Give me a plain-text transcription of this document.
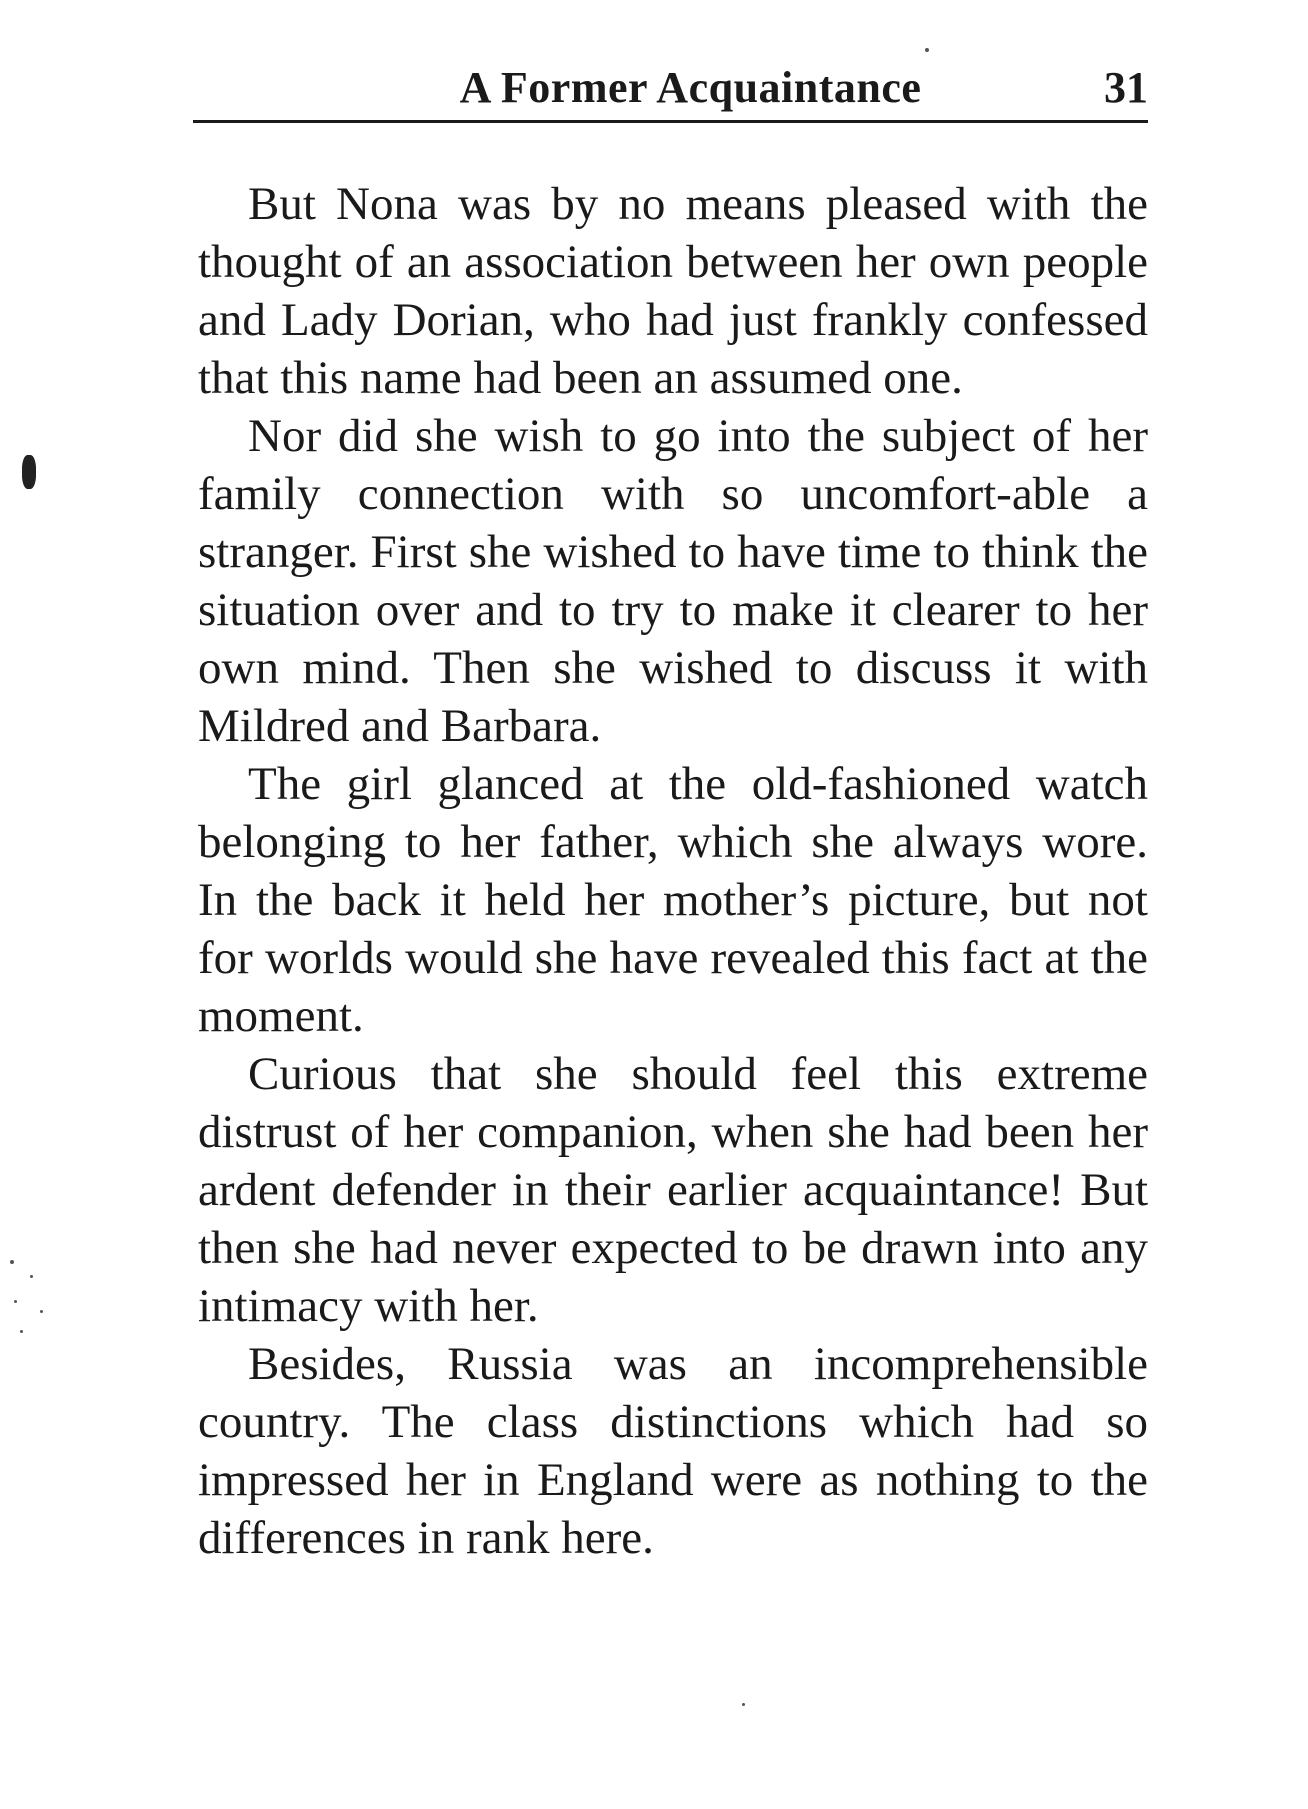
A Former Acquaintance	31

But Nona was by no means pleased with the thought of an association between her own people and Lady Dorian, who had just frankly confessed that this name had been an assumed one.

Nor did she wish to go into the subject of her family connection with so uncomfort-able a stranger. First she wished to have time to think the situation over and to try to make it clearer to her own mind. Then she wished to discuss it with Mildred and Barbara.

The girl glanced at the old-fashioned watch belonging to her father, which she always wore. In the back it held her mother’s picture, but not for worlds would she have revealed this fact at the moment.

Curious that she should feel this extreme distrust of her companion, when she had been her ardent defender in their earlier acquaintance! But then she had never expected to be drawn into any intimacy with her.

Besides, Russia was an incomprehensible country. The class distinctions which had so impressed her in England were as nothing to the differences in rank here.
